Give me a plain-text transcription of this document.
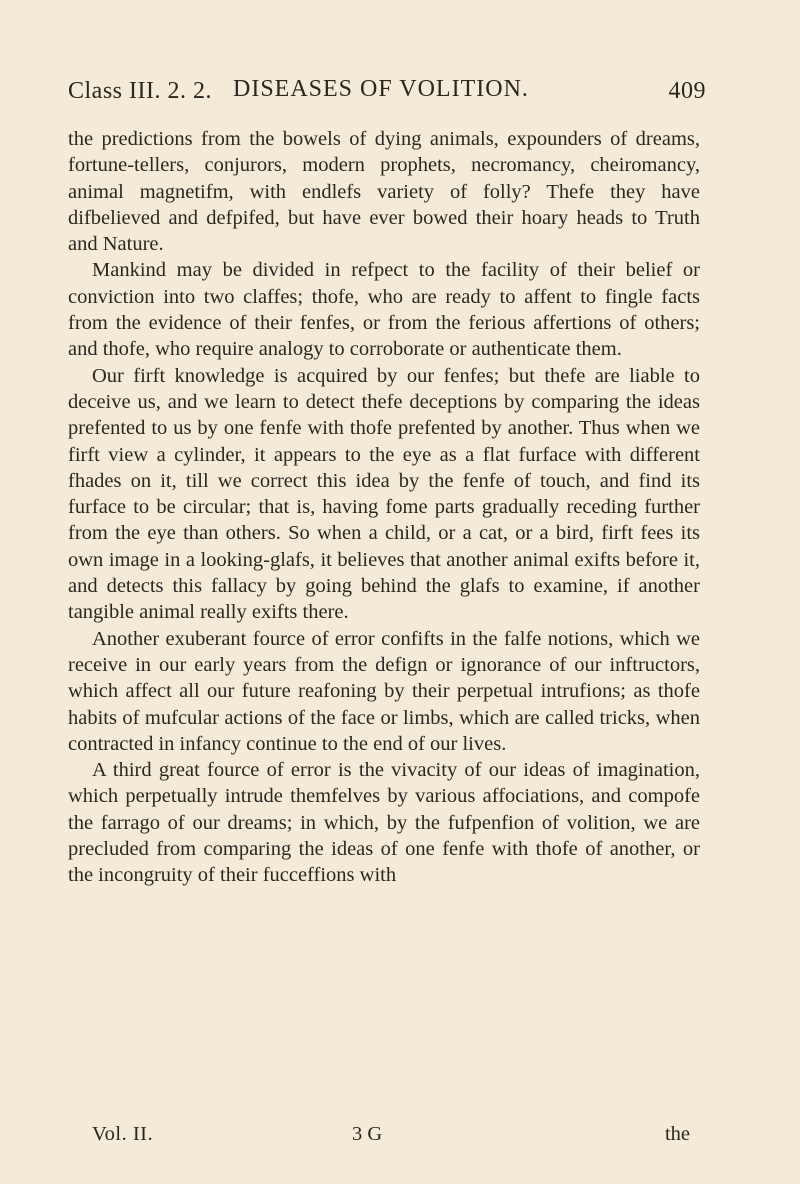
Class III. 2. 2. DISEASES OF VOLITION.	409

the predictions from the bowels of dying animals, expounders of dreams, fortune-tellers, conjurors, modern prophets, necromancy, cheiromancy, animal magnetifm, with endlefs variety of folly? Thefe they have difbelieved and defpifed, but have ever bowed their hoary heads to Truth and Nature.

Mankind may be divided in refpect to the facility of their belief or conviction into two claffes; thofe, who are ready to affent to fingle facts from the evidence of their fenfes, or from the ferious affertions of others; and thofe, who require analogy to corroborate or authenticate them.

Our firft knowledge is acquired by our fenfes; but thefe are liable to deceive us, and we learn to detect thefe deceptions by comparing the ideas prefented to us by one fenfe with thofe prefented by another. Thus when we firft view a cylinder, it appears to the eye as a flat furface with different fhades on it, till we correct this idea by the fenfe of touch, and find its furface to be circular; that is, having fome parts gradually receding further from the eye than others. So when a child, or a cat, or a bird, firft fees its own image in a looking-glafs, it believes that another animal exifts before it, and detects this fallacy by going behind the glafs to examine, if another tangible animal really exifts there.

Another exuberant fource of error confifts in the falfe notions, which we receive in our early years from the defign or ignorance of our inftructors, which affect all our future reafoning by their perpetual intrufions; as thofe habits of mufcular actions of the face or limbs, which are called tricks, when contracted in infancy continue to the end of our lives.

A third great fource of error is the vivacity of our ideas of imagination, which perpetually intrude themfelves by various affociations, and compofe the farrago of our dreams; in which, by the fufpenfion of volition, we are precluded from comparing the ideas of one fenfe with thofe of another, or the incongruity of their fucceffions with

Vol. II.	3 G	the
